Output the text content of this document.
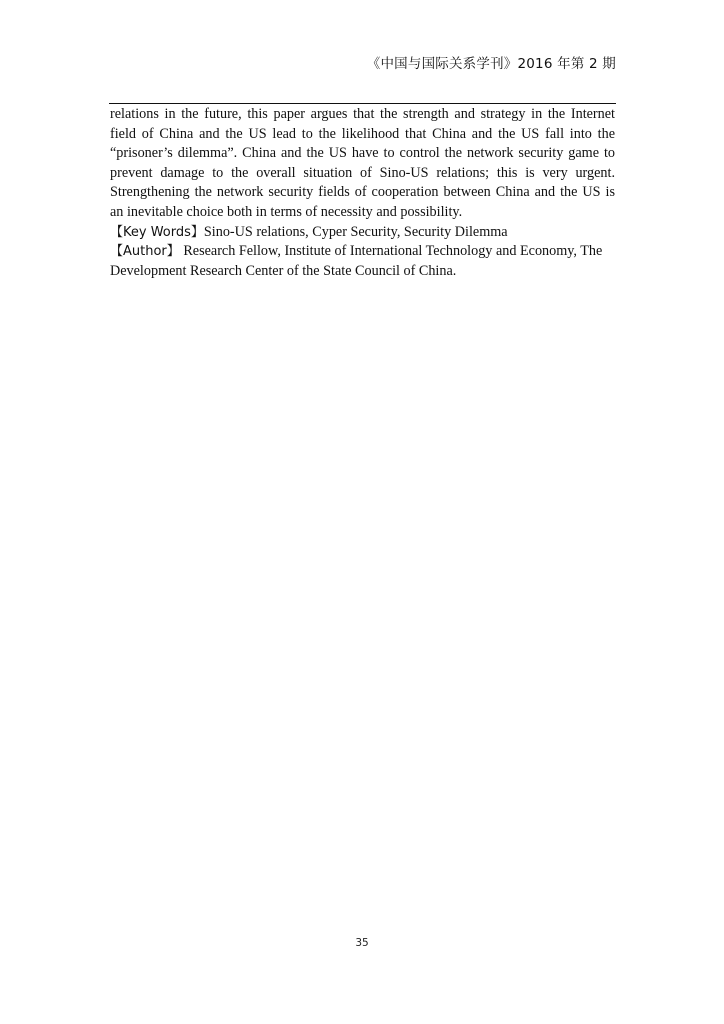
《中国与国际关系学刊》2016 年第 2 期

relations in the future, this paper argues that the strength and strategy in the Internet
field of China and the US lead to the likelihood that China and the US fall into the
“prisoner’s dilemma”. China and the US have to control the network security game to
prevent damage to the overall situation of Sino-US relations; this is very urgent.
Strengthening the network security fields of cooperation between China and the US is
an inevitable choice both in terms of necessity and possibility.

【Key Words】Sino-US relations, Cyper Security, Security Dilemma

【Author】 Research Fellow, Institute of International Technology and Economy, The

Development Research Center of the State Council of China.

35
